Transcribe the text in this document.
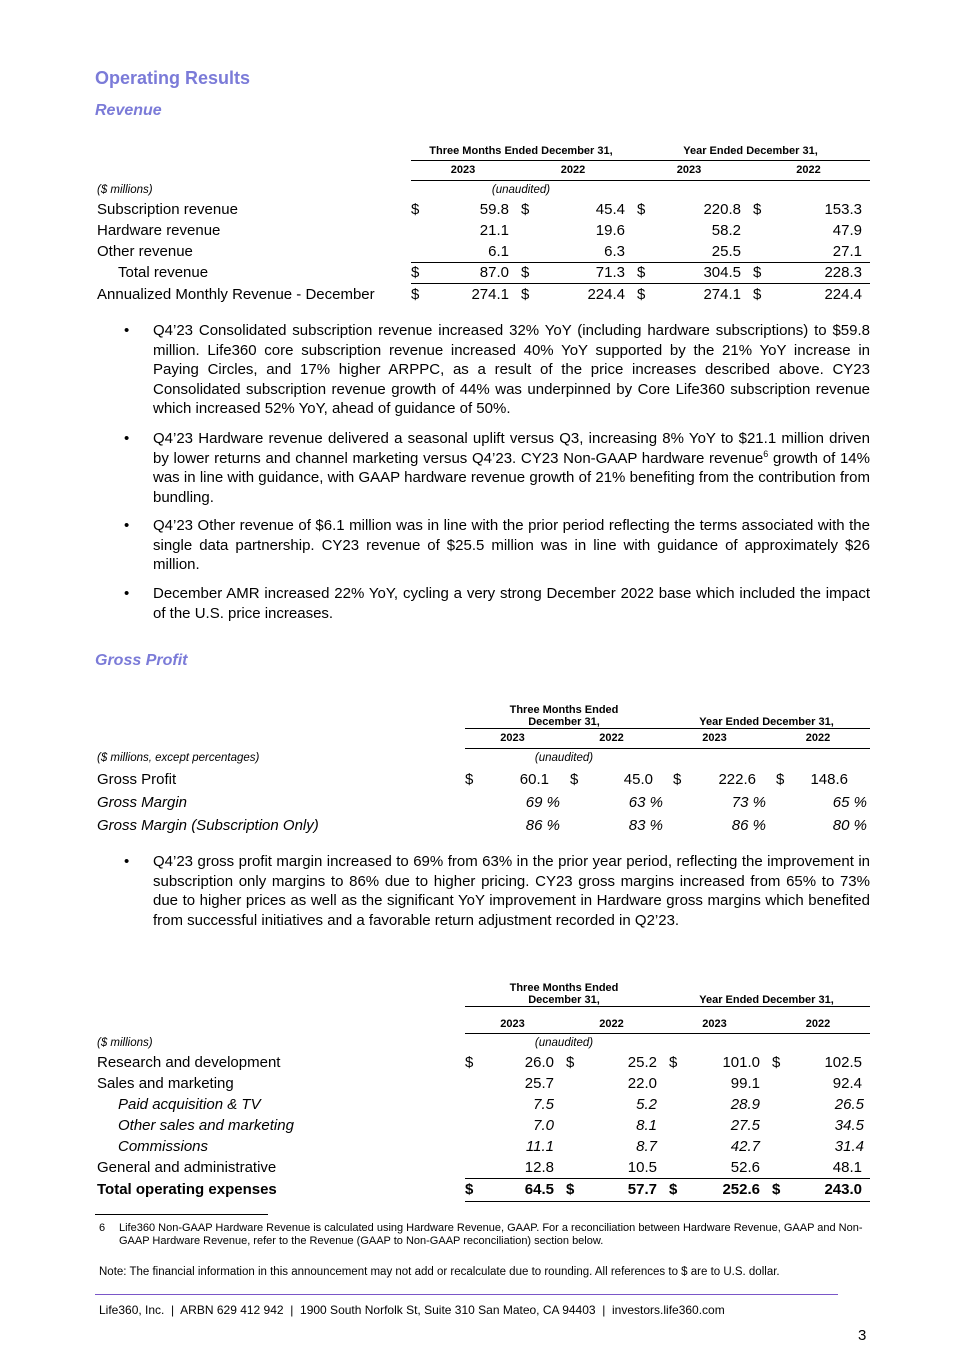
Operating Results
Revenue
	Three Months Ended December 31,				Year Ended December 31,			
	2023		2022		2023		2022	
($ millions)	(unaudited)							
Subscription revenue	$	59.8	$	45.4	$	220.8	$	153.3
Hardware revenue		21.1		19.6		58.2		47.9
Other revenue		6.1		6.3		25.5		27.1
Total revenue	$	87.0	$	71.3	$	304.5	$	228.3
Annualized Monthly Revenue - December	$	274.1	$	224.4	$	274.1	$	224.4
• Q4’23 Consolidated subscription revenue increased 32% YoY (including hardware subscriptions) to $59.8 million. Life360 core subscription revenue increased 40% YoY supported by the 21% YoY increase in Paying Circles, and 17% higher ARPPC, as a result of the price increases described above. CY23 Consolidated subscription revenue growth of 44% was underpinned by Core Life360 subscription revenue which increased 52% YoY, ahead of guidance of 50%.
• Q4’23 Hardware revenue delivered a seasonal uplift versus Q3, increasing 8% YoY to $21.1 million driven by lower returns and channel marketing versus Q4’23. CY23 Non-GAAP hardware revenue$^6$ growth of 14% was in line with guidance, with GAAP hardware revenue growth of 21% benefiting from the contribution from bundling.
• Q4’23 Other revenue of $6.1 million was in line with the prior period reflecting the terms associated with the single data partnership. CY23 revenue of $25.5 million was in line with guidance of approximately $26 million.
• December AMR increased 22% YoY, cycling a very strong December 2022 base which included the impact of the U.S. price increases.
Gross Profit
	Three Months Ended
December 31,				Year Ended December 31,			
	2023		2022		2023		2022	
($ millions, except percentages)	(unaudited)							
Gross Profit	$	60.1	$	45.0	$	222.6	$	148.6
Gross Margin		69 %		63 %		73 %		65 %
Gross Margin (Subscription Only)		86 %		83 %		86 %		80 %
• Q4’23 gross profit margin increased to 69% from 63% in the prior year period, reflecting the improvement in subscription only margins to 86% due to higher pricing. CY23 gross margins increased from 65% to 73% due to higher prices as well as the significant YoY improvement in Hardware gross margins which benefited from successful initiatives and a favorable return adjustment recorded in Q2’23.
	Three Months Ended
December 31,				Year Ended December 31,			
	2023		2022		2023		2022	
($ millions)	(unaudited)							
Research and development	$	26.0	$	25.2	$	101.0	$	102.5
Sales and marketing		25.7		22.0		99.1		92.4
Paid acquisition & TV		7.5		5.2		28.9		26.5
Other sales and marketing		7.0		8.1		27.5		34.5
Commissions		11.1		8.7		42.7		31.4
General and administrative		12.8		10.5		52.6		48.1
Total operating expenses	$	64.5	$	57.7	$	252.6	$	243.0
6	Life360 Non-GAAP Hardware Revenue is calculated using Hardware Revenue, GAAP. For a reconciliation between Hardware Revenue, GAAP and Non-GAAP Hardware Revenue, refer to the Revenue (GAAP to Non-GAAP reconciliation) section below.
Note: The financial information in this announcement may not add or recalculate due to rounding. All references to $ are to U.S. dollar.
Life360, Inc.  |  ARBN 629 412 942  |  1900 South Norfolk St, Suite 310 San Mateo, CA 94403  |  investors.life360.com
3
